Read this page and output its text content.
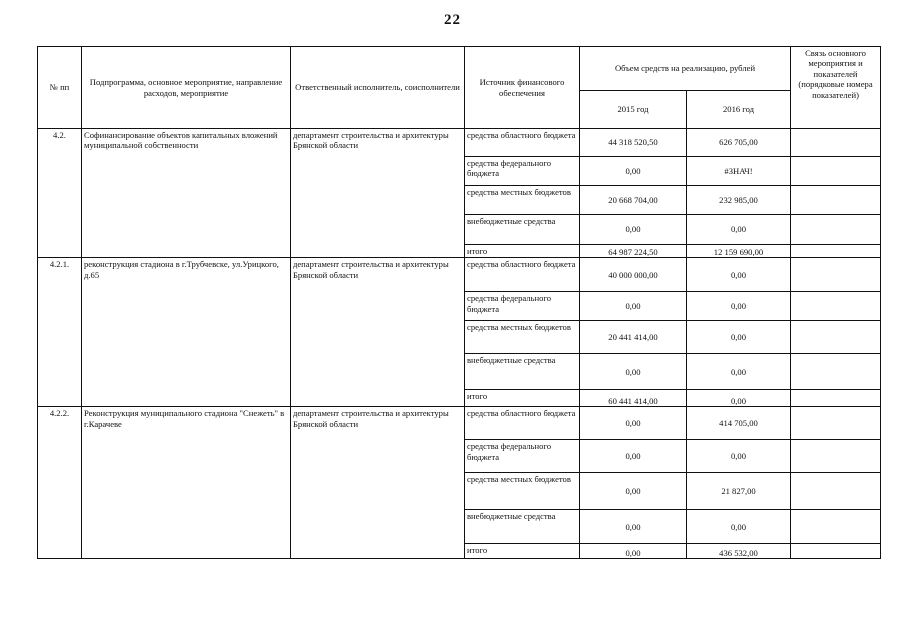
22
№ пп	Подпрограмма, основное мероприятие, направление расходов, мероприятие	Ответственный исполнитель, соисполнители	Источник финансового обеспечения	Объем средств на реализацию, рублей		Связь основного мероприятия и показателей (порядковые номера показателей)
				2015 год	2016 год	
4.2.	Софинансирование объектов капитальных вложений муниципальной собственности	департамент строительства и архитектуры Брянской области	средства областного бюджета	44 318 520,50	626 705,00	
			средства федерального бюджета	0,00	#ЗНАЧ!	
			средства местных бюджетов	20 668 704,00	232 985,00	
			внебюджетные средства	0,00	0,00	
			итого	64 987 224,50	12 159 690,00	
4.2.1.	реконструкция стадиона в г.Трубчевске, ул.Урицкого, д.65	департамент строительства и архитектуры Брянской области	средства областного бюджета	40 000 000,00	0,00	
			средства федерального бюджета	0,00	0,00	
			средства местных бюджетов	20 441 414,00	0,00	
			внебюджетные средства	0,00	0,00	
			итого	60 441 414,00	0,00	
4.2.2.	Реконструкция муниципального стадиона "Снежеть" в г.Карачеве	департамент строительства и архитектуры Брянской области	средства областного бюджета	0,00	414 705,00	
			средства федерального бюджета	0,00	0,00	
			средства местных бюджетов	0,00	21 827,00	
			внебюджетные средства	0,00	0,00	
			итого	0,00	436 532,00	
